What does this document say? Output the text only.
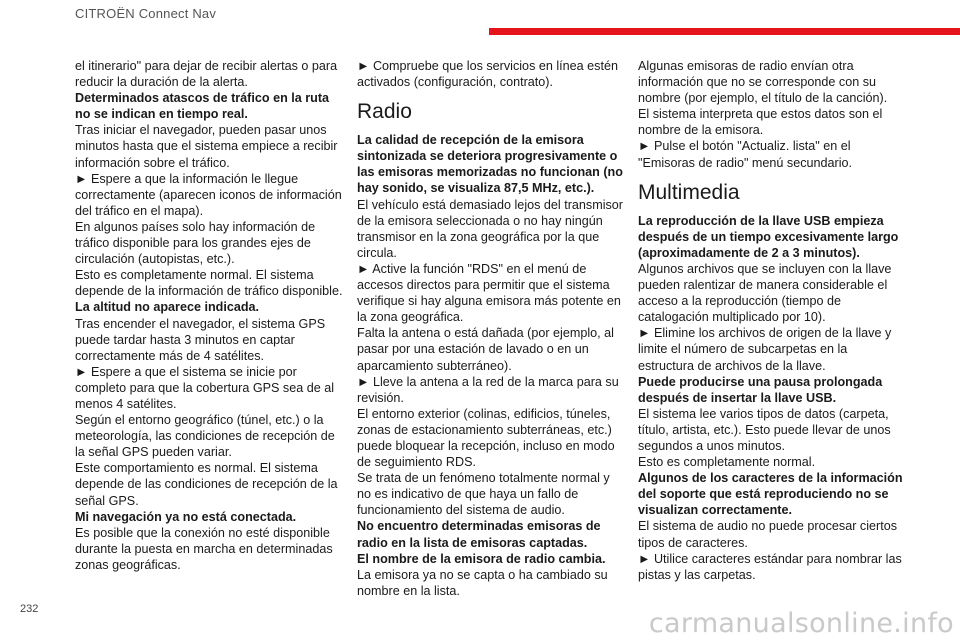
CITROËN Connect Nav

el itinerario" para dejar de recibir alertas o para reducir la duración de la alerta.

Determinados atascos de tráfico en la ruta no se indican en tiempo real.

Tras iniciar el navegador, pueden pasar unos minutos hasta que el sistema empiece a recibir información sobre el tráfico.

► Espere a que la información le llegue correctamente (aparecen iconos de información del tráfico en el mapa).

En algunos países solo hay información de tráfico disponible para los grandes ejes de circulación (autopistas, etc.).

Esto es completamente normal. El sistema depende de la información de tráfico disponible.

La altitud no aparece indicada.

Tras encender el navegador, el sistema GPS puede tardar hasta 3 minutos en captar correctamente más de 4 satélites.

► Espere a que el sistema se inicie por completo para que la cobertura GPS sea de al menos 4 satélites.

Según el entorno geográfico (túnel, etc.) o la meteorología, las condiciones de recepción de la señal GPS pueden variar.

Este comportamiento es normal. El sistema depende de las condiciones de recepción de la señal GPS.

Mi navegación ya no está conectada.

Es posible que la conexión no esté disponible durante la puesta en marcha en determinadas zonas geográficas.

► Compruebe que los servicios en línea estén activados (configuración, contrato).

Radio

La calidad de recepción de la emisora sintonizada se deteriora progresivamente o las emisoras memorizadas no funcionan (no hay sonido, se visualiza 87,5 MHz, etc.).

El vehículo está demasiado lejos del transmisor de la emisora seleccionada o no hay ningún transmisor en la zona geográfica por la que circula.

► Active la función "RDS" en el menú de accesos directos para permitir que el sistema verifique si hay alguna emisora más potente en la zona geográfica.

Falta la antena o está dañada (por ejemplo, al pasar por una estación de lavado o en un aparcamiento subterráneo).

► Lleve la antena a la red de la marca para su revisión.

El entorno exterior (colinas, edificios, túneles, zonas de estacionamiento subterráneas, etc.) puede bloquear la recepción, incluso en modo de seguimiento RDS.

Se trata de un fenómeno totalmente normal y no es indicativo de que haya un fallo de funcionamiento del sistema de audio.

No encuentro determinadas emisoras de radio en la lista de emisoras captadas.

El nombre de la emisora de radio cambia.

La emisora ya no se capta o ha cambiado su nombre en la lista.

Algunas emisoras de radio envían otra información que no se corresponde con su nombre (por ejemplo, el título de la canción).

El sistema interpreta que estos datos son el nombre de la emisora.

► Pulse el botón "Actualiz. lista" en el "Emisoras de radio" menú secundario.

Multimedia

La reproducción de la llave USB empieza después de un tiempo excesivamente largo (aproximadamente de 2 a 3 minutos).

Algunos archivos que se incluyen con la llave pueden ralentizar de manera considerable el acceso a la reproducción (tiempo de catalogación multiplicado por 10).

► Elimine los archivos de origen de la llave y limite el número de subcarpetas en la estructura de archivos de la llave.

Puede producirse una pausa prolongada después de insertar la llave USB.

El sistema lee varios tipos de datos (carpeta, título, artista, etc.). Esto puede llevar de unos segundos a unos minutos.

Esto es completamente normal.

Algunos de los caracteres de la información del soporte que está reproduciendo no se visualizan correctamente.

El sistema de audio no puede procesar ciertos tipos de caracteres.

► Utilice caracteres estándar para nombrar las pistas y las carpetas.

232	carmanualsonline.info
